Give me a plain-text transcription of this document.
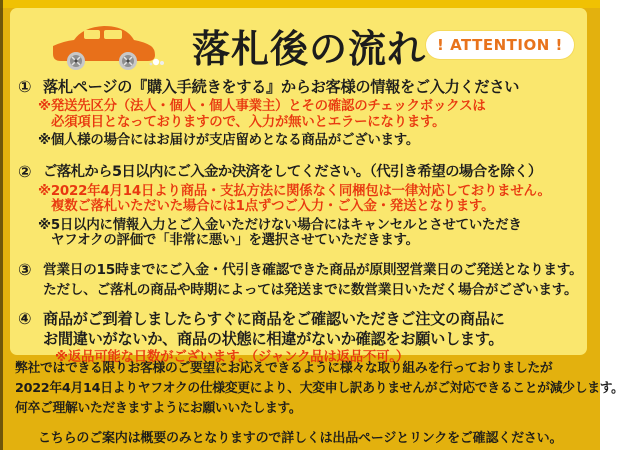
落札後の流れ ! ATTENTION !
① 落札ページの『購入手続きをする』からお客様の情報をご入力ください
※発送先区分（法人・個人・個人事業主）とその確認のチェックボックスは
必須項目となっておりますので、入力が無いとエラーになります。
※個人様の場合にはお届けが支店留めとなる商品がございます。
② ご落札から5日以内にご入金か決済をしてください。（代引き希望の場合を除く）
※2022年4月14日より商品・支払方法に関係なく同梱包は一律対応しておりません。
複数ご落札いただいた場合には1点ずつご入力・ご入金・発送となります。
※5日以内に情報入力とご入金いただけない場合にはキャンセルとさせていただき
ヤフオクの評価で「非常に悪い」を選択させていただきます。
③ 営業日の15時までにご入金・代引き確認できた商品が原則翌営業日のご発送となります。
ただし、ご落札の商品や時期によっては発送までに数営業日いただく場合がございます。
④ 商品がご到着しましたらすぐに商品をご確認いただきご注文の商品に
お間違いがないか、商品の状態に相違がないか確認をお願いします。
※返品可能な日数がございます。（ジャンク品は返品不可。）
弊社ではできる限りお客様のご要望にお応えできるように様々な取り組みを行っておりましたが
2022年4月14日よりヤフオクの仕様変更により、大変申し訳ありませんがご対応できることが減少します。
何卒ご理解いただきますようにお願いいたします。
こちらのご案内は概要のみとなりますので詳しくは出品ページとリンクをご確認ください。
